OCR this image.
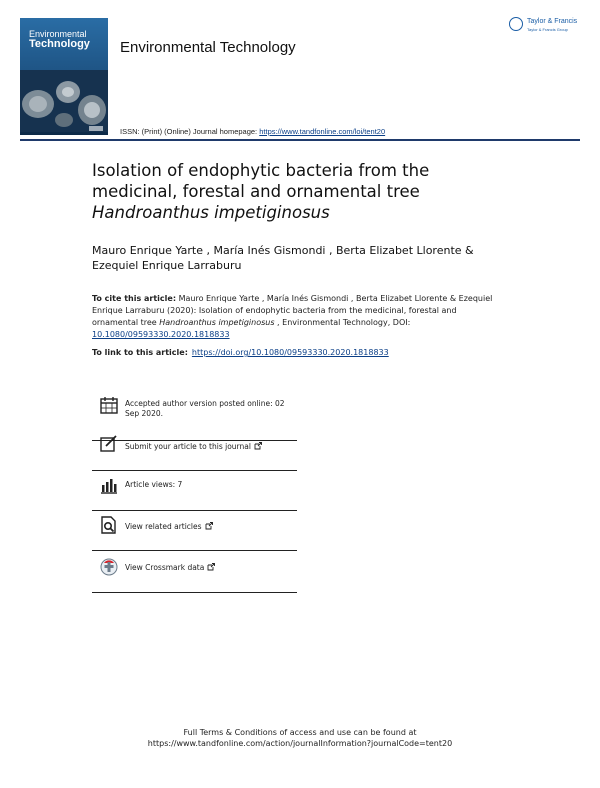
Environmental
Technology Environmental Technology
ISSN: (Print) (Online) Journal homepage: https://www.tandfonline.com/loi/tent20
Taylor & Francis
Taylor & Francis Group
Isolation of endophytic bacteria from the
medicinal, forestal and ornamental tree
Handroanthus impetiginosus
Mauro Enrique Yarte , María Inés Gismondi , Berta Elizabet Llorente &
Ezequiel Enrique Larraburu
To cite this article: Mauro Enrique Yarte , María Inés Gismondi , Berta Elizabet Llorente & Ezequiel Enrique Larraburu (2020): Isolation of endophytic bacteria from the medicinal, forestal and ornamental tree Handroanthus impetiginosus , Environmental Technology, DOI: 10.1080/09593330.2020.1818833
To link to this article: https://doi.org/10.1080/09593330.2020.1818833
Accepted author version posted online: 02
Sep 2020.
Submit your article to this journal
Article views: 7
View related articles
View Crossmark data
Full Terms & Conditions of access and use can be found at
https://www.tandfonline.com/action/journalInformation?journalCode=tent20
